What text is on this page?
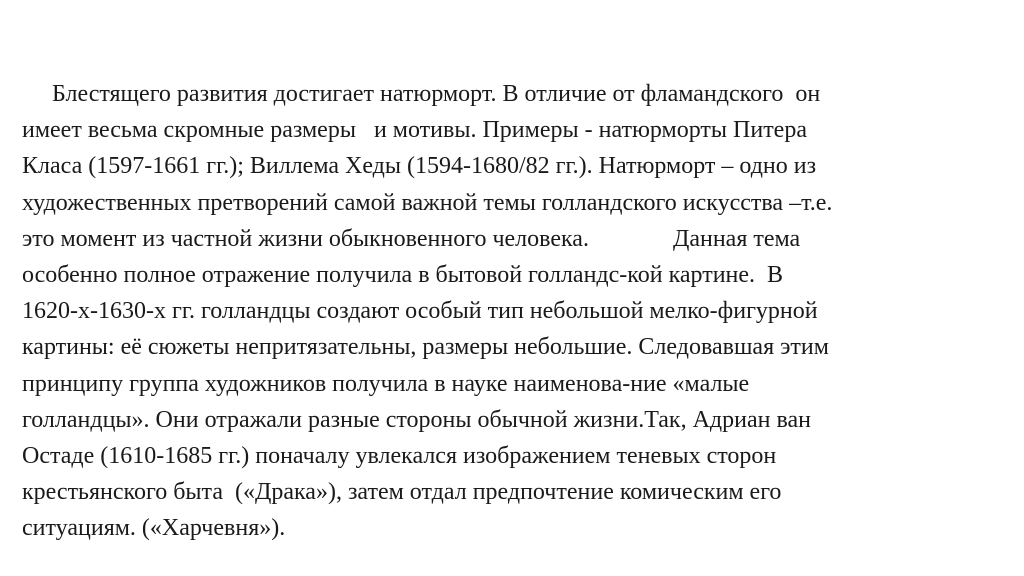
Блестящего развития достигает натюрморт. В отличие от фламандского  он
имеет весьма скромные размеры   и мотивы. Примеры - натюрморты Питера
Класа (1597-1661 гг.); Виллема Хеды (1594-1680/82 гг.). Натюрморт – одно из
художественных претворений самой важной темы голландского искусства –т.е.
это момент из частной жизни обыкновенного человека.              Данная тема
особенно полное отражение получила в бытовой голландс-кой картине.  В
1620-х-1630-х гг. голландцы создают особый тип небольшой мелко-фигурной
картины: её сюжеты непритязательны, размеры небольшие. Следовавшая этим
принципу группа художников получила в науке наименова-ние «малые
голландцы». Они отражали разные стороны обычной жизни.Так, Адриан ван
Остаде (1610-1685 гг.) поначалу увлекался изображением теневых сторон
крестьянского быта  («Драка»), затем отдал предпочтение комическим его
ситуациям. («Харчевня»).
